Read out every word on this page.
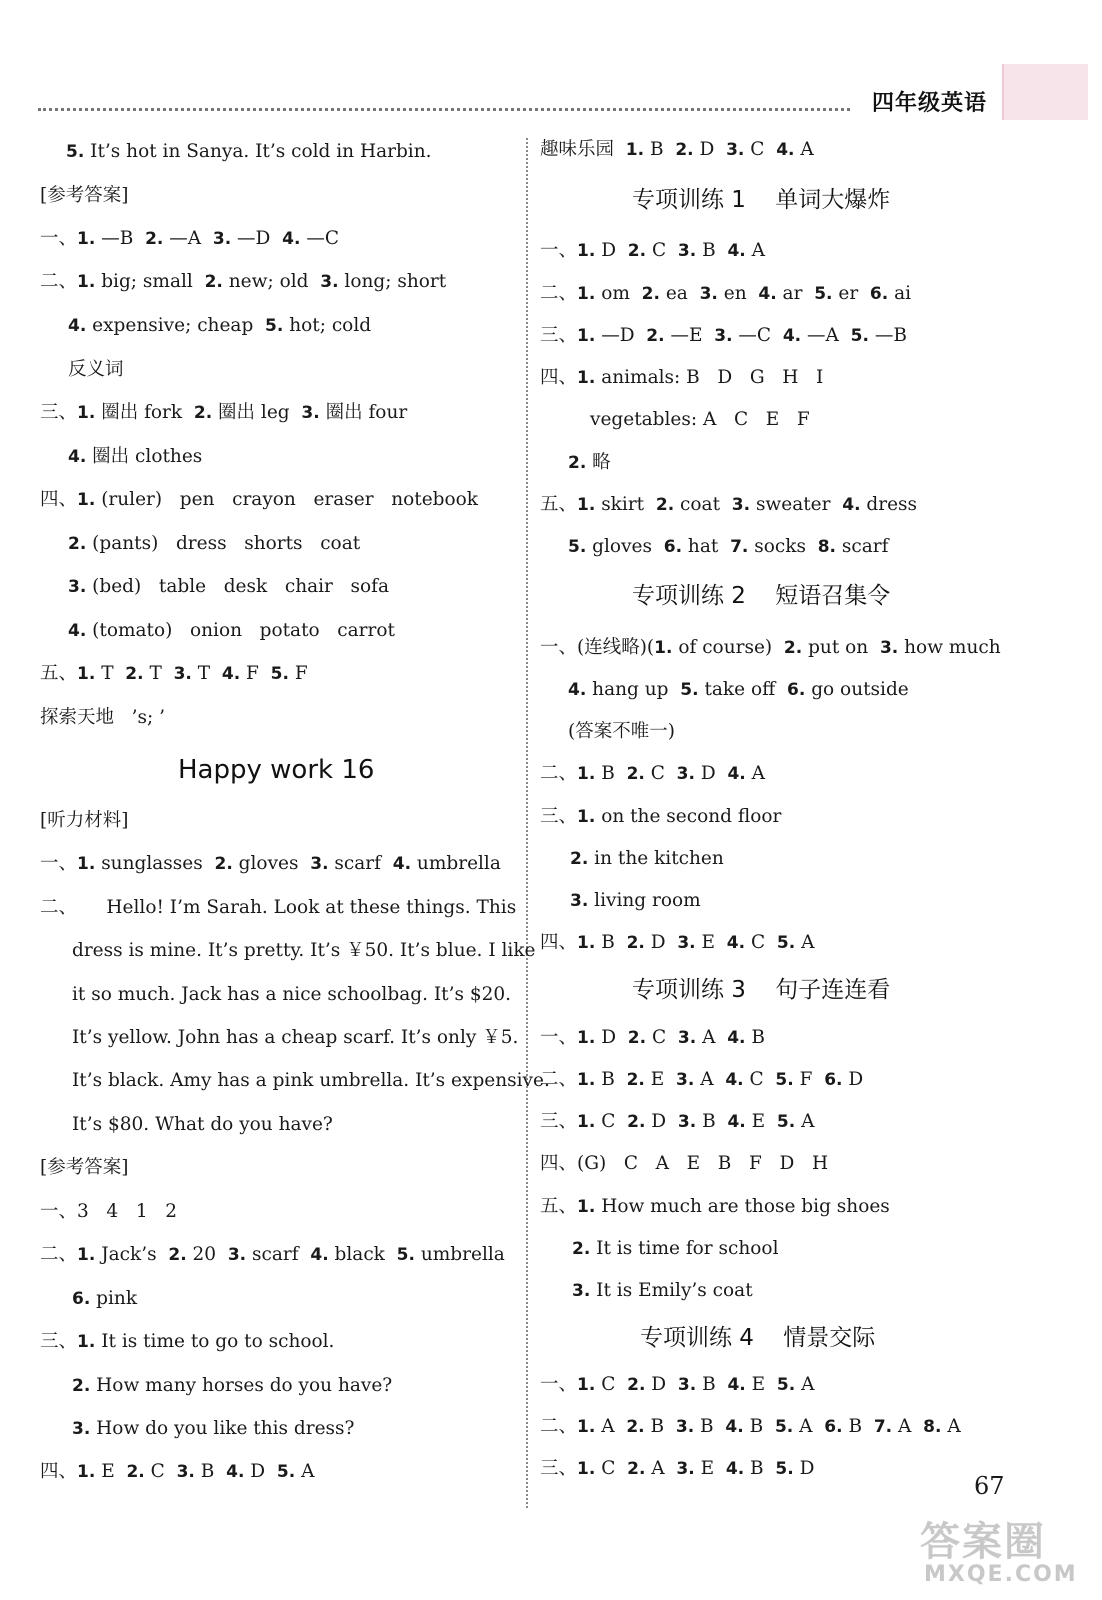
四年级英语
5. It’s hot in Sanya. It’s cold in Harbin.
[参考答案]
一、1. —B  2. —A  3. —D  4. —C
二、1. big; small  2. new; old  3. long; short
4. expensive; cheap  5. hot; cold
反义词
三、1. 圈出 fork  2. 圈出 leg  3. 圈出 four
4. 圈出 clothes
四、1. (ruler)   pen   crayon   eraser   notebook
2. (pants)   dress   shorts   coat
3. (bed)   table   desk   chair   sofa
4. (tomato)   onion   potato   carrot
五、1. T  2. T  3. T  4. F  5. F
探索天地   ’s; ’
Happy work 16
[听力材料]
一、1. sunglasses  2. gloves  3. scarf  4. umbrella
二、     Hello! I’m Sarah. Look at these things. This
dress is mine. It’s pretty. It’s ￥50. It’s blue. I like
it so much. Jack has a nice schoolbag. It’s $20.
It’s yellow. John has a cheap scarf. It’s only ￥5.
It’s black. Amy has a pink umbrella. It’s expensive.
It’s $80. What do you have?
[参考答案]
一、3   4   1   2
二、1. Jack’s  2. 20  3. scarf  4. black  5. umbrella
6. pink
三、1. It is time to go to school.
2. How many horses do you have?
3. How do you like this dress?
四、1. E  2. C  3. B  4. D  5. A
趣味乐园  1. B  2. D  3. C  4. A
专项训练 1    单词大爆炸
一、1. D  2. C  3. B  4. A
二、1. om  2. ea  3. en  4. ar  5. er  6. ai
三、1. —D  2. —E  3. —C  4. —A  5. —B
四、1. animals: B   D   G   H   I
vegetables: A   C   E   F
2. 略
五、1. skirt  2. coat  3. sweater  4. dress
5. gloves  6. hat  7. socks  8. scarf
专项训练 2    短语召集令
一、(连线略)(1. of course)  2. put on  3. how much
4. hang up  5. take off  6. go outside
(答案不唯一)
二、1. B  2. C  3. D  4. A
三、1. on the second floor
2. in the kitchen
3. living room
四、1. B  2. D  3. E  4. C  5. A
专项训练 3    句子连连看
一、1. D  2. C  3. A  4. B
二、1. B  2. E  3. A  4. C  5. F  6. D
三、1. C  2. D  3. B  4. E  5. A
四、(G)   C   A   E   B   F   D   H
五、1. How much are those big shoes
2. It is time for school
3. It is Emily’s coat
专项训练 4    情景交际
一、1. C  2. D  3. B  4. E  5. A
二、1. A  2. B  3. B  4. B  5. A  6. B  7. A  8. A
三、1. C  2. A  3. E  4. B  5. D
67
答案圈
MXQE.COM
